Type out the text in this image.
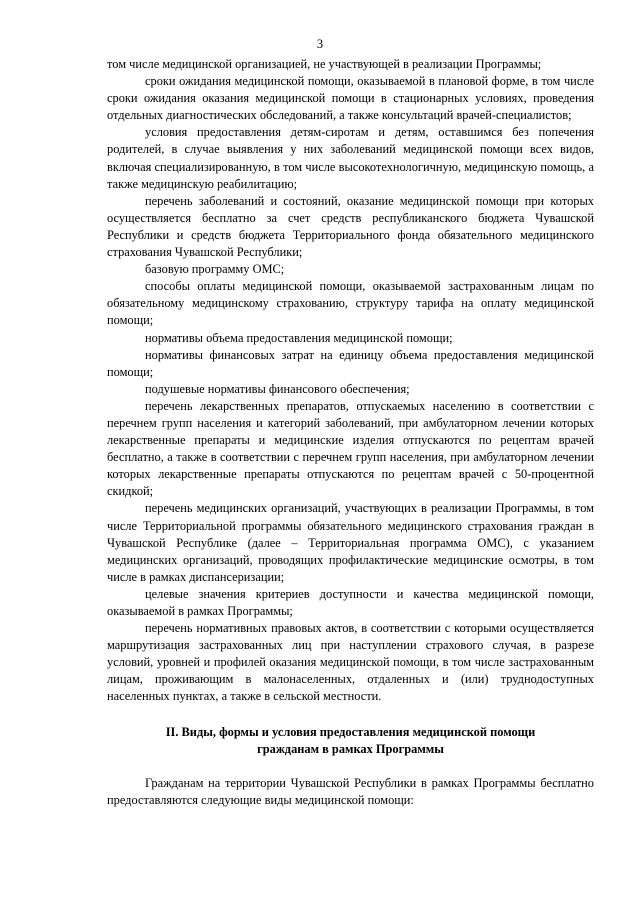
3

том числе медицинской организацией, не участвующей в реализации Программы;

сроки ожидания медицинской помощи, оказываемой в плановой форме, в том числе сроки ожидания оказания медицинской помощи в стационарных условиях, проведения отдельных диагностических обследований, а также консультаций врачей-специалистов;

условия предоставления детям-сиротам и детям, оставшимся без попечения родителей, в случае выявления у них заболеваний медицинской помощи всех видов, включая специализированную, в том числе высокотехнологичную, медицинскую помощь, а также медицинскую реабилитацию;

перечень заболеваний и состояний, оказание медицинской помощи при которых осуществляется бесплатно за счет средств республиканского бюджета Чувашской Республики и средств бюджета Территориального фонда обязательного медицинского страхования Чувашской Республики;

базовую программу ОМС;

способы оплаты медицинской помощи, оказываемой застрахованным лицам по обязательному медицинскому страхованию, структуру тарифа на оплату медицинской помощи;

нормативы объема предоставления медицинской помощи;

нормативы финансовых затрат на единицу объема предоставления медицинской помощи;

подушевые нормативы финансового обеспечения;

перечень лекарственных препаратов, отпускаемых населению в соответствии с перечнем групп населения и категорий заболеваний, при амбулаторном лечении которых лекарственные препараты и медицинские изделия отпускаются по рецептам врачей бесплатно, а также в соответствии с перечнем групп населения, при амбулаторном лечении которых лекарственные препараты отпускаются по рецептам врачей с 50-процентной скидкой;

перечень медицинских организаций, участвующих в реализации Программы, в том числе Территориальной программы обязательного медицинского страхования граждан в Чувашской Республике (далее – Территориальная программа ОМС), с указанием медицинских организаций, проводящих профилактические медицинские осмотры, в том числе в рамках диспансеризации;

целевые значения критериев доступности и качества медицинской помощи, оказываемой в рамках Программы;

перечень нормативных правовых актов, в соответствии с которыми осуществляется маршрутизация застрахованных лиц при наступлении страхового случая, в разрезе условий, уровней и профилей оказания медицинской помощи, в том числе застрахованным лицам, проживающим в малонаселенных, отдаленных и (или) труднодоступных населенных пунктах, а также в сельской местности.

II. Виды, формы и условия предоставления медицинской помощи
гражданам в рамках Программы

Гражданам на территории Чувашской Республики в рамках Программы бесплатно предоставляются следующие виды медицинской помощи:
